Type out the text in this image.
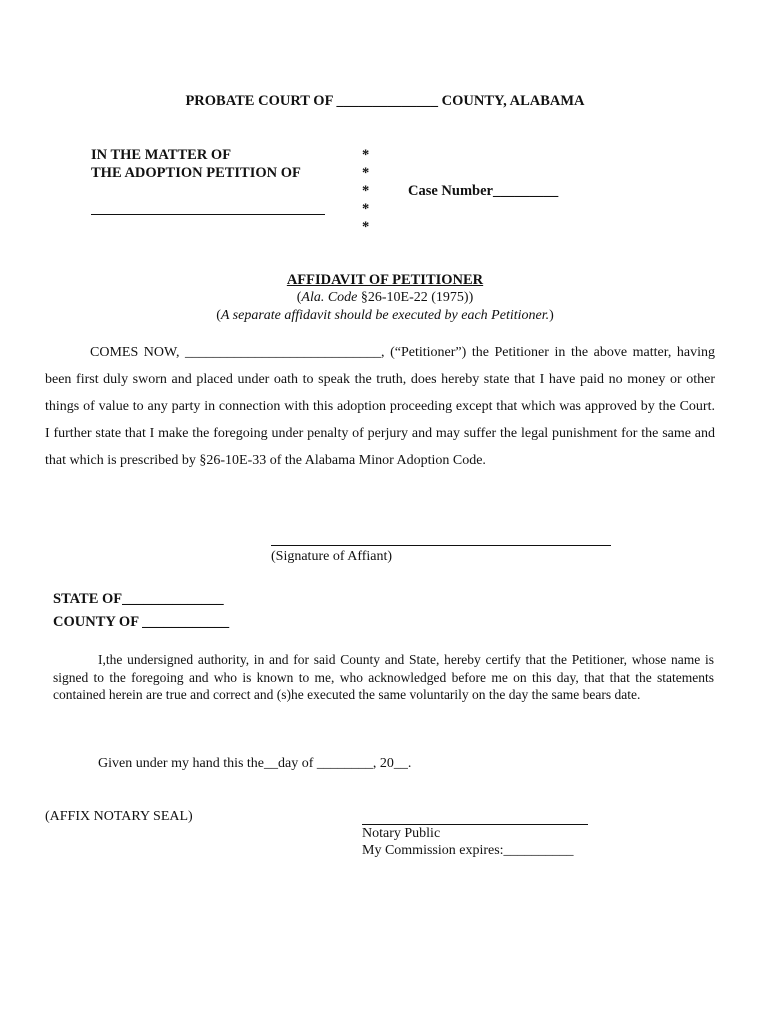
PROBATE COURT OF ______________ COUNTY, ALABAMA
IN THE MATTER OF
THE ADOPTION PETITION OF
*
*
*
*
*
Case Number_________
AFFIDAVIT OF PETITIONER
(Ala. Code §26-10E-22 (1975))
(A separate affidavit should be executed by each Petitioner.)

COMES NOW, ____________________________, (“Petitioner”) the Petitioner in the above matter, having been first duly sworn and placed under oath to speak the truth, does hereby state that I have paid no money or other things of value to any party in connection with this adoption proceeding except that which was approved by the Court. I further state that I make the foregoing under penalty of perjury and may suffer the legal punishment for the same and that which is prescribed by §26-10E-33 of the Alabama Minor Adoption Code.

(Signature of Affiant)
STATE OF______________
COUNTY OF ____________

I,the undersigned authority, in and for said County and State, hereby certify that the Petitioner, whose name is signed to the foregoing and who is known to me, who acknowledged before me on this day, that that the statements contained herein are true and correct and (s)he executed the same voluntarily on the day the same bears date.

Given under my hand this the__day of ________, 20__.
(AFFIX NOTARY SEAL)
Notary Public
My Commission expires:__________
